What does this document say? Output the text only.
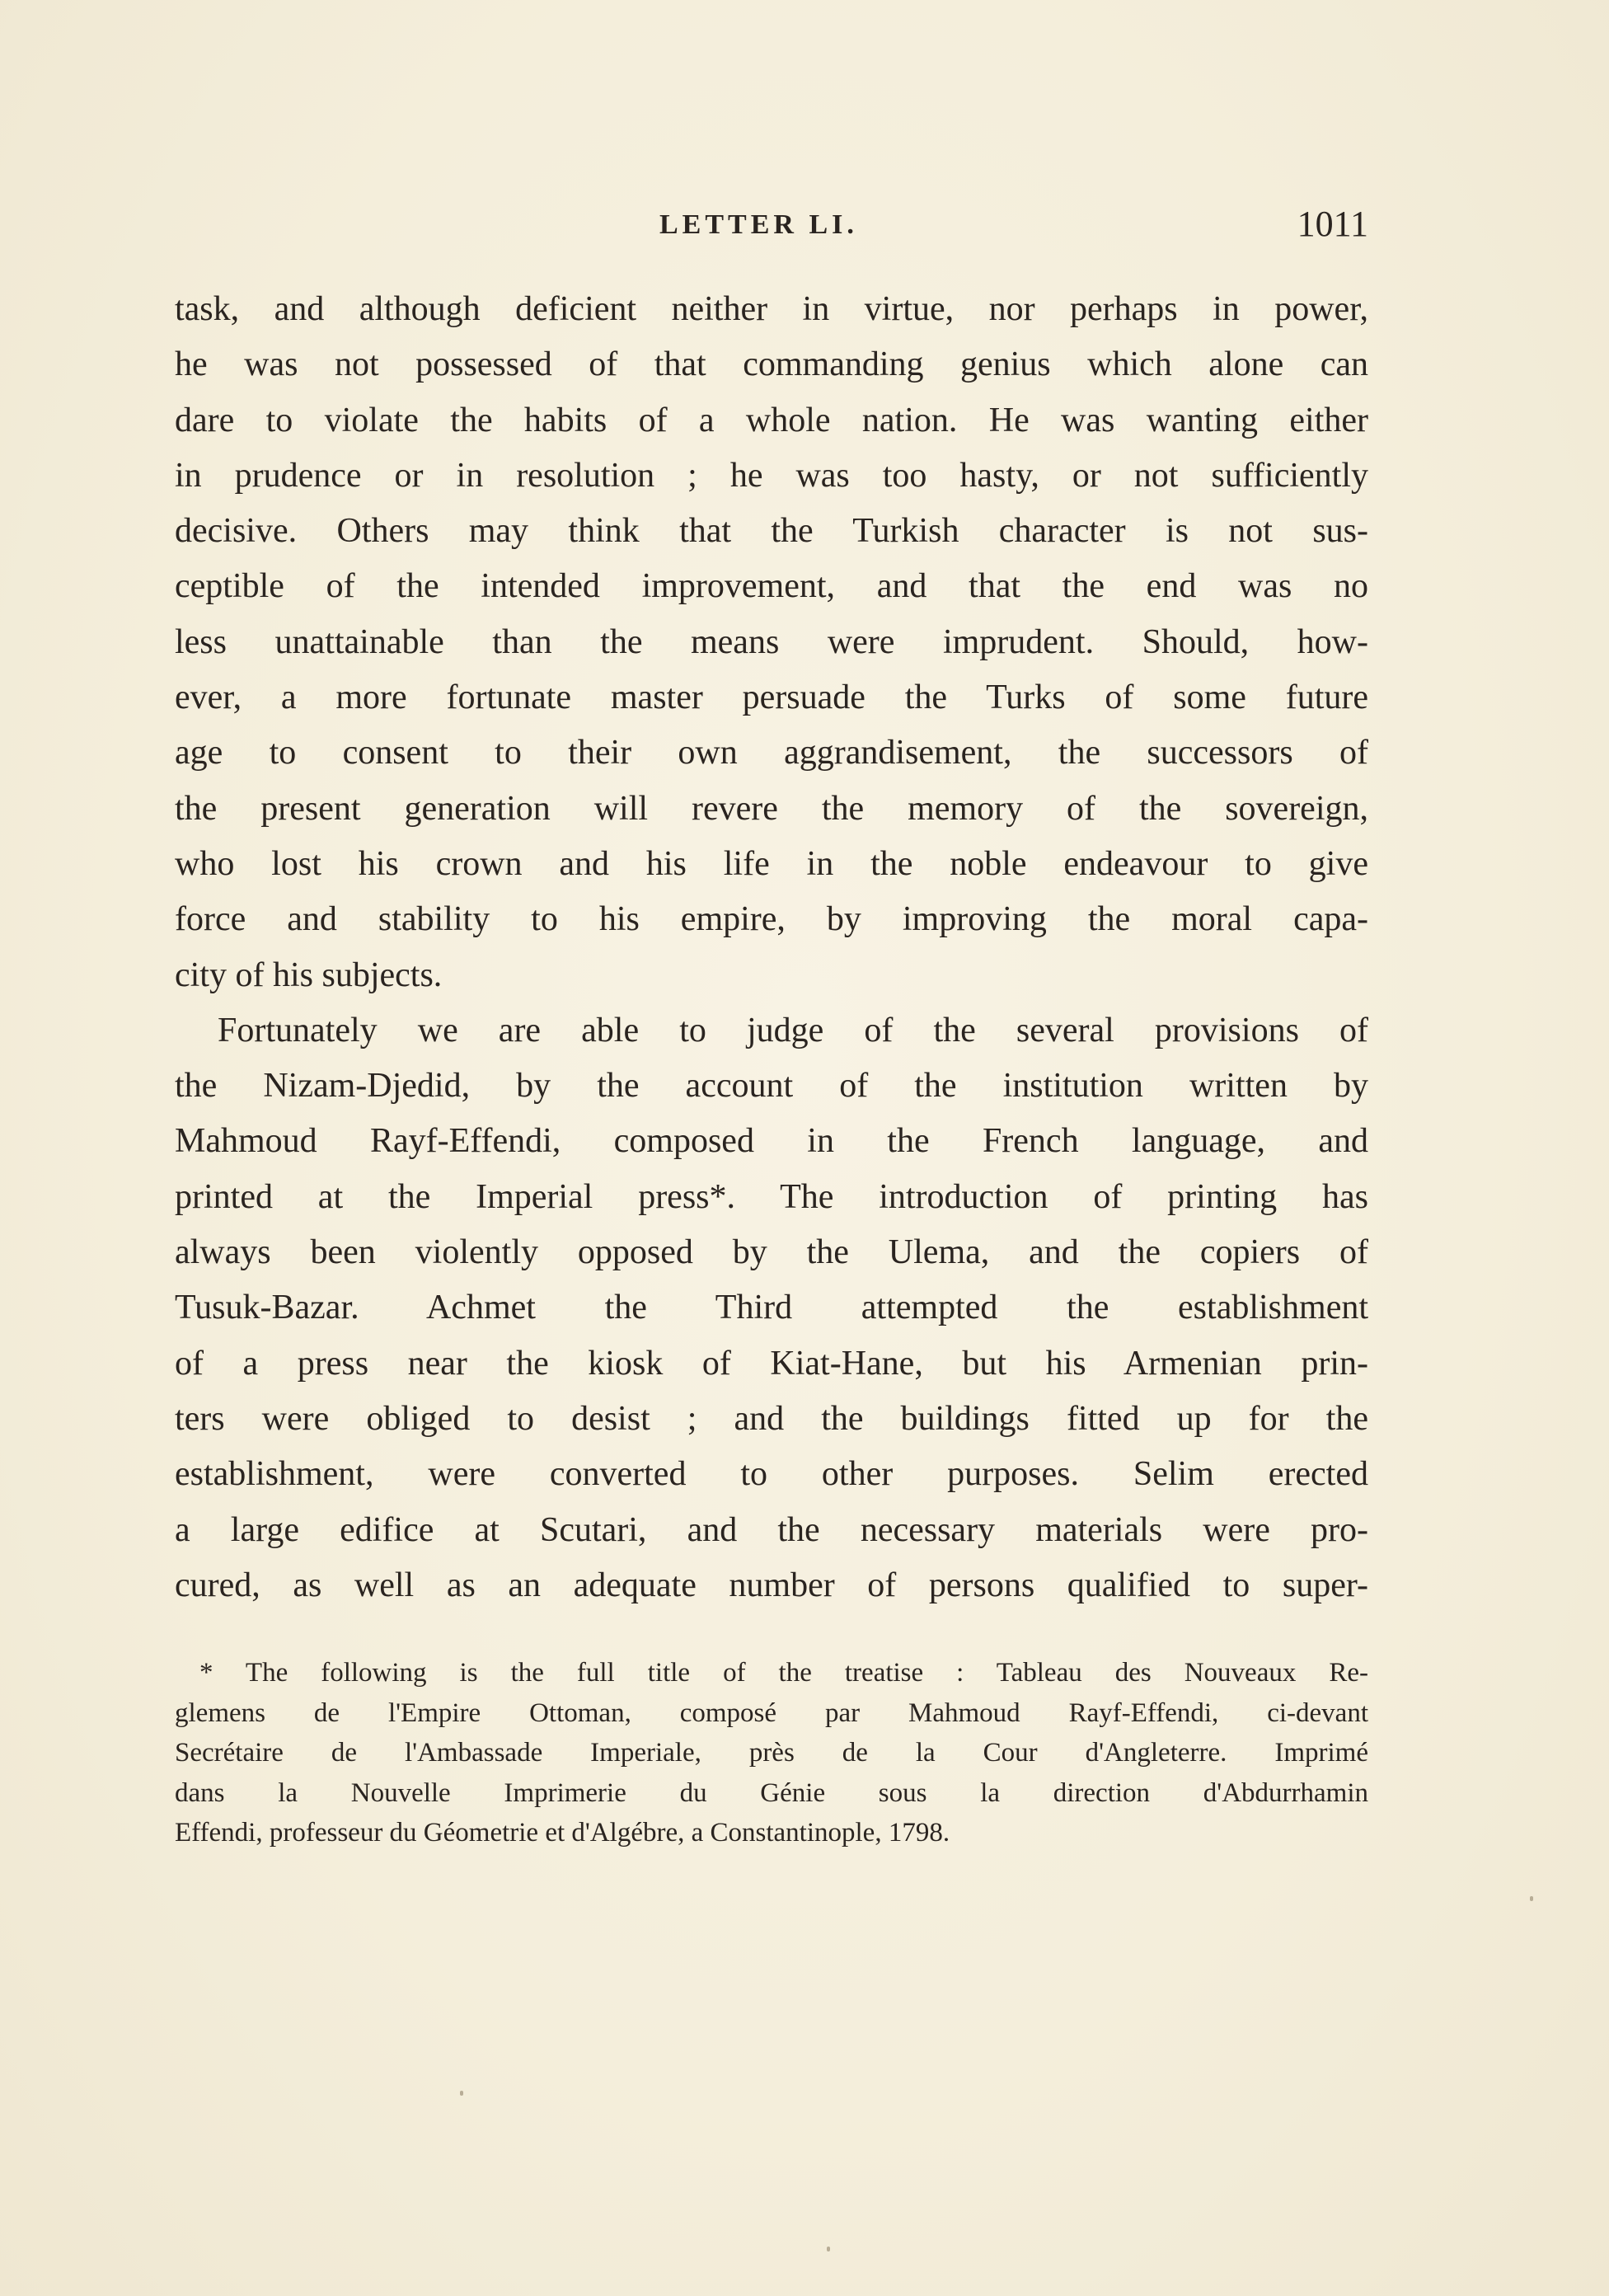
LETTER LI.	1011
task, and although deficient neither in virtue, nor perhaps in power,
he was not possessed of that commanding genius which alone can
dare to violate the habits of a whole nation. He was wanting either
in prudence or in resolution ; he was too hasty, or not sufficiently
decisive. Others may think that the Turkish character is not sus-
ceptible of the intended improvement, and that the end was no
less unattainable than the means were imprudent. Should, how-
ever, a more fortunate master persuade the Turks of some future
age to consent to their own aggrandisement, the successors of
the present generation will revere the memory of the sovereign,
who lost his crown and his life in the noble endeavour to give
force and stability to his empire, by improving the moral capa-
city of his subjects.
Fortunately we are able to judge of the several provisions of
the Nizam-Djedid, by the account of the institution written by
Mahmoud Rayf-Effendi, composed in the French language, and
printed at the Imperial press*. The introduction of printing has
always been violently opposed by the Ulema, and the copiers of
Tusuk-Bazar. Achmet the Third attempted the establishment
of a press near the kiosk of Kiat-Hane, but his Armenian prin-
ters were obliged to desist ; and the buildings fitted up for the
establishment, were converted to other purposes. Selim erected
a large edifice at Scutari, and the necessary materials were pro-
cured, as well as an adequate number of persons qualified to super-
* The following is the full title of the treatise : Tableau des Nouveaux Re-
glemens de l'Empire Ottoman, composé par Mahmoud Rayf-Effendi, ci-devant
Secrétaire de l'Ambassade Imperiale, près de la Cour d'Angleterre. Imprimé
dans la Nouvelle Imprimerie du Génie sous la direction d'Abdurrhamin
Effendi, professeur du Géometrie et d'Algébre, a Constantinople, 1798.
